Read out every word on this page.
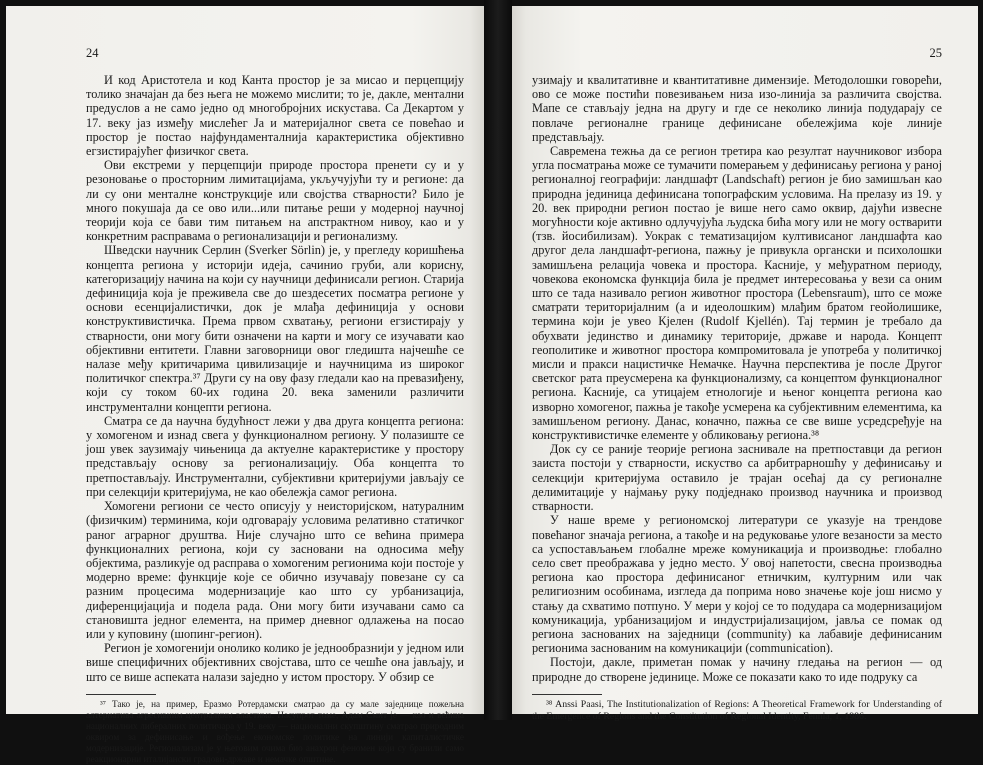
24

И код Аристотела и код Канта простор је за мисао и перцепцију толико значајан да без њега не можемо мислити; то је, дакле, ментални предуслов а не само једно од многобројних искустава. Са Декартом у 17. веку јаз између мислећег Ја и материјалног света се повећао и простор је постао најфундаменталнија карактеристика објективно егзистирајућег физичког света.

Ови екстреми у перцепцији природе простора пренети су и у резоновање о просторним лимитацијама, укључујући ту и регионе: да ли су они менталне конструкције или својства стварности? Било је много покушаја да се ово или...или питање реши у модерној научној теорији која се бави тим питањем на апстрактном нивоу, као и у конкретним расправама о регионализацији и регионализму.

Шведски научник Серлин (Sverker Sörlin) је, у прегледу коришћења концепта региона у историји идеја, сачинио груби, али корисну, категоризацију начина на који су научници дефинисали регион. Старија дефиниција која је преживела све до шездесетих посматра регионе у основи есенцијалистички, док је млађа дефиниција у основи конструктивистичка. Према првом схватању, региони егзистирају у стварности, они могу бити означени на карти и могу се изучавати као објективни ентитети. Главни заговорници овог гледишта најчешће се налазе међу критичарима цивилизације и научницима из широког политичког спектра.³⁷ Други су на ову фазу гледали као на превазиђену, који су током 60-их година 20. века заменили различити инструментални концепти региона.

Сматра се да научна будућност лежи у два друга концепта региона: у хомогеном и изнад свега у функционалном региону. У полазиште се још увек заузимају чињеница да актуелне карактеристике у простору представљају основу за регионализацију. Оба концепта то претпостављају. Инструментални, субјективни критеријуми јављају се при селекцији критеријума, не као обележја самог региона.

Хомогени региони се често описују у неисторијском, натуралним (физичким) терминима, који одговарају условима релативно статичког раног аграрног друштва. Није случајно што се већина примера функционалних региона, који су засновани на односима међу објектима, разликује од расправа о хомогеним регионима који постоје у модерно време: функције које се обично изучавају повезане су са разним процесима модернизације као што су урбанизација, диференцијација и подела рада. Они могу бити изучавани само са становишта једног елемента, на пример дневног одлажења на посао или у куповину (шопинг-регион).

Регион је хомогенији онолико колико је једнообразнији у једном или више специфичних објективних својстава, што се чешће она јављају, и што се више аспеката налази заједно у истом простору. У обзир се

³⁷ Тако је, на пример, Еразмо Ротердамски сматрао да су мале заједнице пожељна алтернатива агресивним централним властима. Насупрот томе, Адам Смит је — као и већина националних либералних политичара у 19. веку — национални скупштину сматрао природним оквиром за дефинисање и вођење економске политике на линији капиталистичке модернизације. Регионализам је у његовим очима био анахрон феномен који су бранили само реакционарни италијански градови-државе и немачке општине.

25

узимају и квалитативне и квантитативне димензије. Методолошки говорећи, ово се може постићи повезивањем низа изо-линија за различита својства. Мапе се стављају једна на другу и где се неколико линија подударају се повлаче регионалне границе дефинисане обележјима које линије представљају.

Савремена тежња да се регион третира као резултат научниковог избора угла посматрања може се тумачити померањем у дефинисању региона у раној регионалној географији: ландшафт (Landschaft) регион је био замишљан као природна јединица дефинисана топографским условима. На прелазу из 19. у 20. век природни регион постао је више него само оквир, дајући извесне могућности које активно одлучујућа људска бића могу или не могу остварити (тзв. йосибилизам). Уокрак с тематизацијом култивисаног ландшафта као другог дела ландшафт-региона, пажњу је привукла органски и психолошки замишљена релација човека и простора. Касније, у међуратном периоду, човекова економска функција била је предмет интересовања у вези са оним што се тада називало регион животног простора (Lebensraum), што се може сматрати територијалним (а и идеолошким) млађим братом геойолишике, термина који је увео Кјелен (Rudolf Kjellén). Тај термин је требало да обухвати јединство и динамику територије, државе и народа. Концепт геополитике и животног простора компромитовала је употреба у политичкој мисли и пракси нацистичке Немачке. Научна перспектива је после Другог светског рата преусмерена ка функционализму, са концептом функционалног региона. Касније, са утицајем етнологије и њеног концепта региона као изворно хомогеног, пажња је такође усмерена ка субјективним елементима, ка замишљеном региону. Данас, коначно, пажња се све више усредсређује на конструктивистичке елементе у обликовању региона.³⁸

Док су се раније теорије региона заснивале на претпоставци да регион заиста постоји у стварности, искуство са арбитрарношћу у дефинисању и селекцији критеријума оставило је траjан осећај да су регионалне делимитације у најмању руку подједнако производ научника и производ стварности.

У наше време у региономској литератури се указује на трендове повећаног значаја региона, а такође и на редуковање улоге везаности за место са успостављањем глобалне мреже комуникација и производње: глобално село свет преображава у једно место. У овој напетости, свесна производња региона као простора дефинисаног етничким, културним или чак религиозним особинама, изгледа да поприма ново значење које још нисмо у стању да схватимо потпуно. У мери у којој се то подудара са модернизацијом комуникација, урбанизацијом и индустријализацијом, јавља се помак од региона заснованих на заједници (community) ка лабавије дефинисаним регионима заснованим на комуникацији (communication).

Постоји, дакле, приметан помак у начину гледања на регион — од природне до створене јединице. Може се показати како то иде подруку са

³⁸ Anssi Paasi, The Institutionalization of Regions: A Theoretical Framework for Understanding of the Emergence of Regions and the Constitution of Regional Identity, Fennia, 1, 1986.
